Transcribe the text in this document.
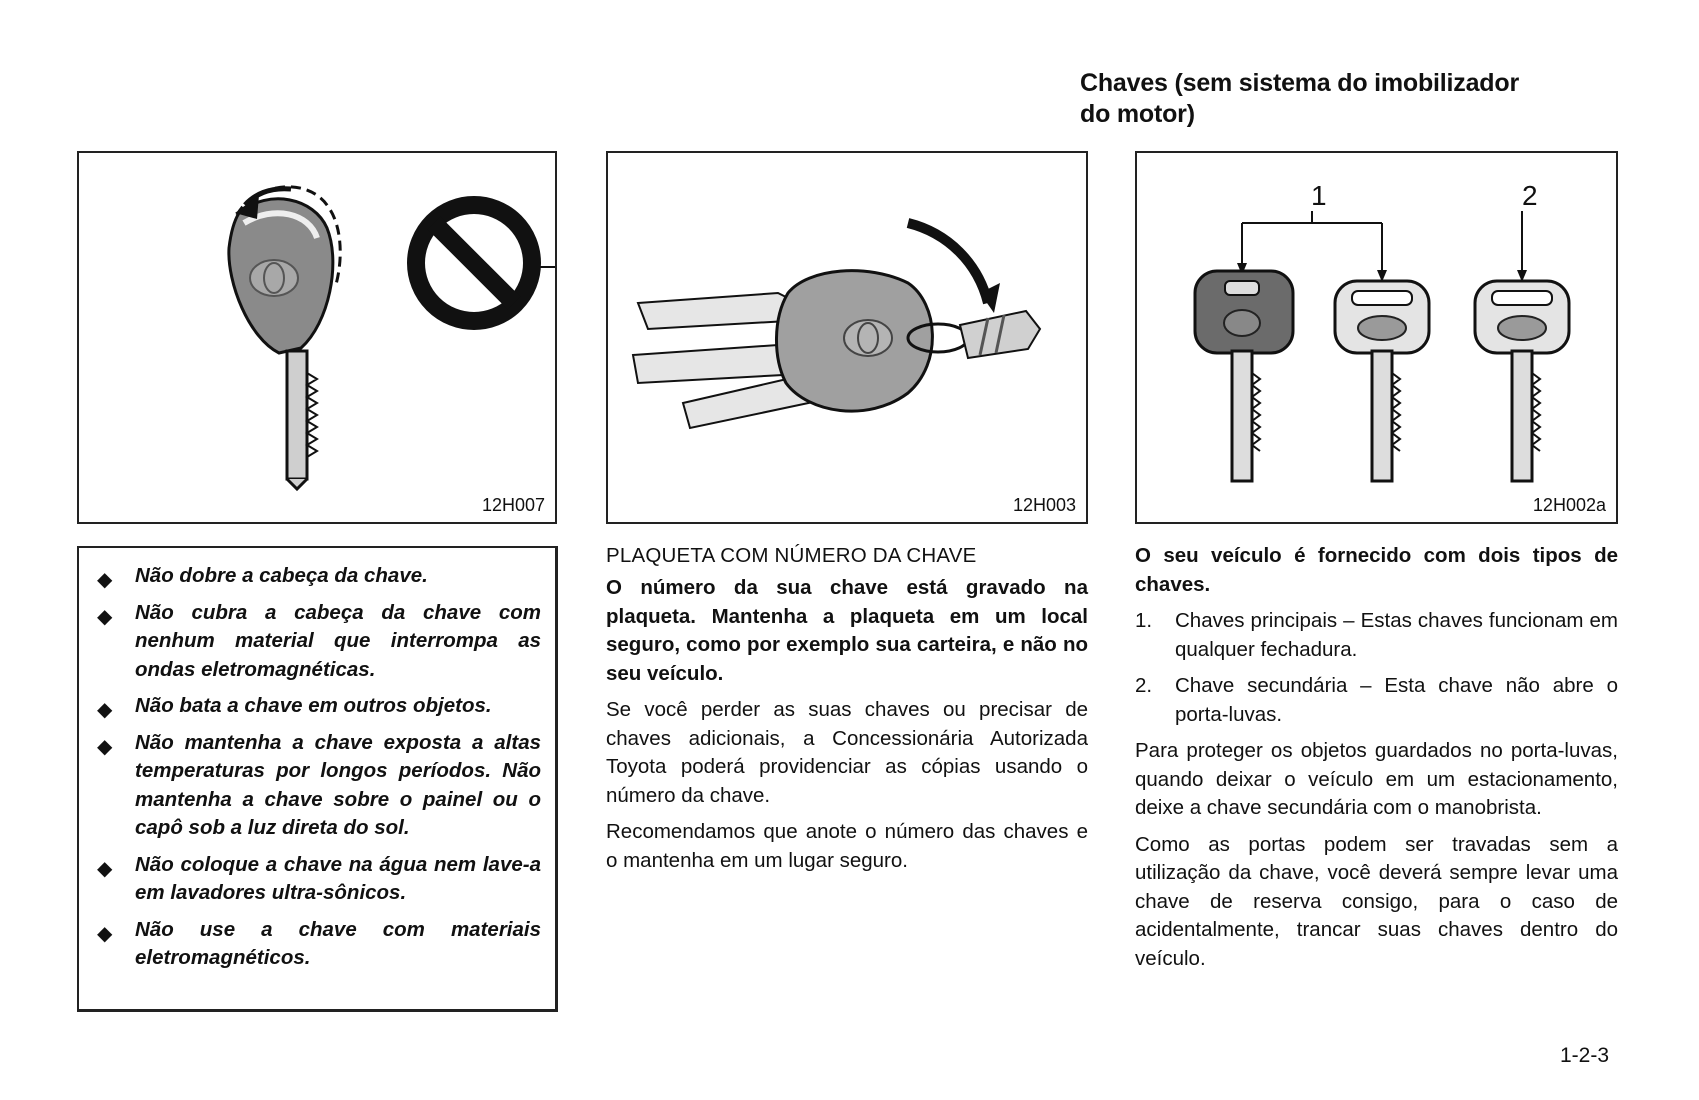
Chaves (sem sistema do imobilizador
do motor)
12H007	12H003
1	2
12H002a
◆ Não dobre a cabeça da chave.
◆ Não cubra a cabeça da chave com nenhum material que interrompa as ondas eletromagnéticas.
◆ Não bata a chave em outros objetos.
◆ Não mantenha a chave exposta a altas temperaturas por longos períodos. Não mantenha a chave sobre o painel ou o capô sob a luz direta do sol.
◆ Não coloque a chave na água nem lave-a em lavadores ultra-sônicos.
◆ Não use a chave com materiais eletromagnéticos.
PLAQUETA COM NÚMERO DA CHAVE

O número da sua chave está gravado na plaqueta. Mantenha a plaqueta em um local seguro, como por exemplo sua carteira, e não no seu veículo.

Se você perder as suas chaves ou precisar de chaves adicionais, a Concessionária Autorizada Toyota poderá providenciar as cópias usando o número da chave.

Recomendamos que anote o número das chaves e o mantenha em um lugar seguro.

O seu veículo é fornecido com dois tipos de chaves.

1. Chaves principais – Estas chaves funcionam em qualquer fechadura.
2. Chave secundária – Esta chave não abre o porta-luvas.

Para proteger os objetos guardados no porta-luvas, quando deixar o veículo em um estacionamento, deixe a chave secundária com o manobrista.

Como as portas podem ser travadas sem a utilização da chave, você deverá sempre levar uma chave de reserva consigo, para o caso de acidentalmente, trancar suas chaves dentro do veículo.

1-2-3
